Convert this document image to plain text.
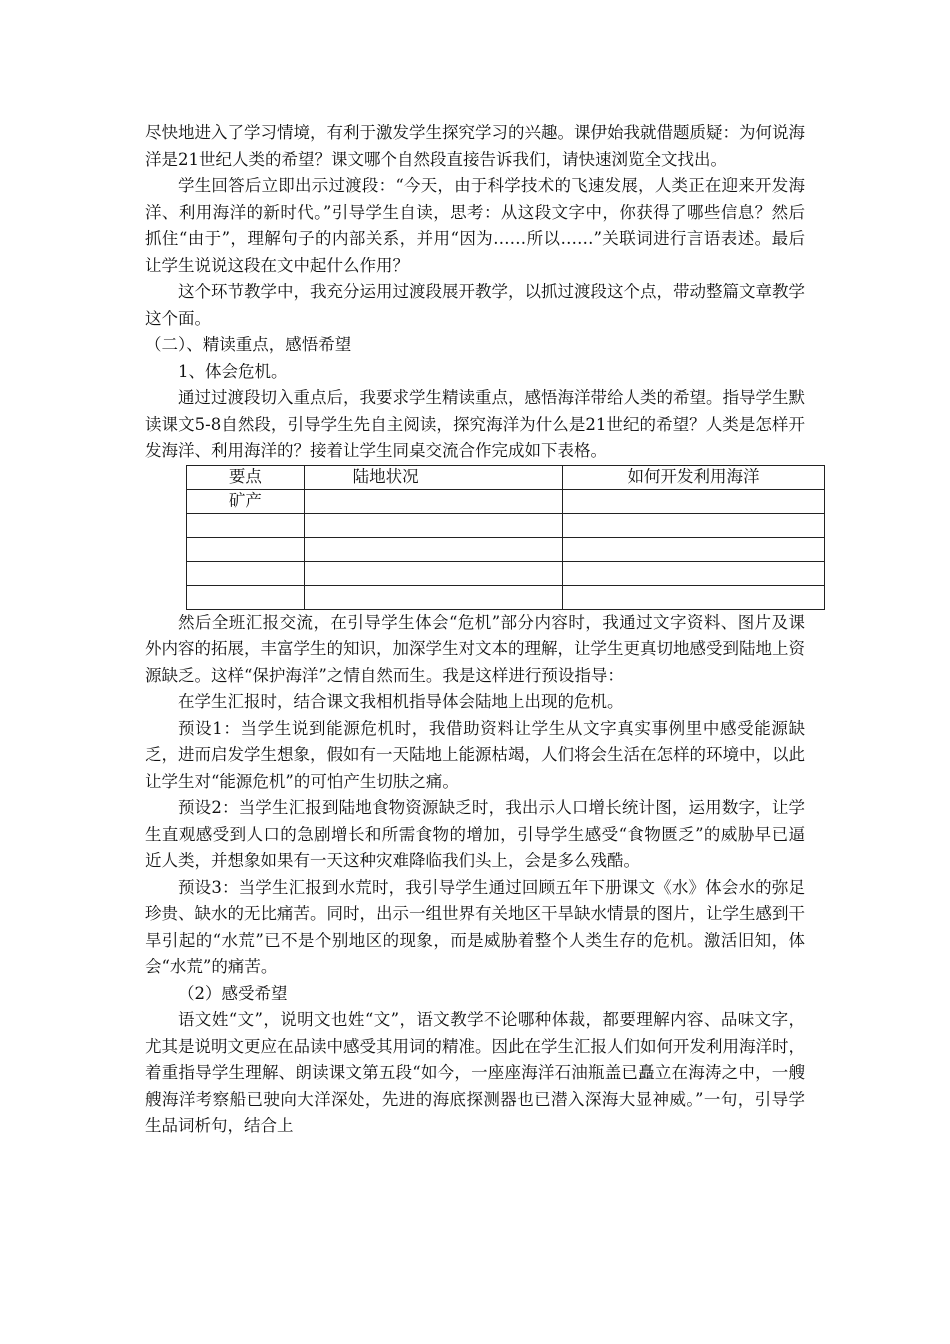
尽快地进入了学习情境，有利于激发学生探究学习的兴趣。课伊始我就借题质疑：为何说海洋是21世纪人类的希望？课文哪个自然段直接告诉我们，请快速浏览全文找出。

学生回答后立即出示过渡段：“今天，由于科学技术的飞速发展，人类正在迎来开发海洋、利用海洋的新时代。”引导学生自读，思考：从这段文字中，你获得了哪些信息？然后抓住“由于”，理解句子的内部关系，并用“因为……所以……”关联词进行言语表述。最后让学生说说这段在文中起什么作用？

这个环节教学中，我充分运用过渡段展开教学，以抓过渡段这个点，带动整篇文章教学这个面。

（二）、精读重点，感悟希望

1、体会危机。

通过过渡段切入重点后，我要求学生精读重点，感悟海洋带给人类的希望。指导学生默读课文5-8自然段，引导学生先自主阅读，探究海洋为什么是21世纪的希望？人类是怎样开发海洋、利用海洋的？接着让学生同桌交流合作完成如下表格。

要点	陆地状况	如何开发利用海洋
矿产		

然后全班汇报交流，在引导学生体会“危机”部分内容时，我通过文字资料、图片及课外内容的拓展，丰富学生的知识，加深学生对文本的理解，让学生更真切地感受到陆地上资源缺乏。这样“保护海洋”之情自然而生。我是这样进行预设指导：

在学生汇报时，结合课文我相机指导体会陆地上出现的危机。

预设1：当学生说到能源危机时，我借助资料让学生从文字真实事例里中感受能源缺乏，进而启发学生想象，假如有一天陆地上能源枯竭，人们将会生活在怎样的环境中，以此让学生对“能源危机”的可怕产生切肤之痛。

预设2：当学生汇报到陆地食物资源缺乏时，我出示人口增长统计图，运用数字，让学生直观感受到人口的急剧增长和所需食物的增加，引导学生感受“食物匮乏”的威胁早已逼近人类，并想象如果有一天这种灾难降临我们头上，会是多么残酷。

预设3：当学生汇报到水荒时，我引导学生通过回顾五年下册课文《水》体会水的弥足珍贵、缺水的无比痛苦。同时，出示一组世界有关地区干旱缺水情景的图片，让学生感到干旱引起的“水荒”已不是个别地区的现象，而是威胁着整个人类生存的危机。激活旧知，体会“水荒”的痛苦。

（2）感受希望

语文姓“文”，说明文也姓“文”，语文教学不论哪种体裁，都要理解内容、品味文字，尤其是说明文更应在品读中感受其用词的精准。因此在学生汇报人们如何开发利用海洋时，着重指导学生理解、朗读课文第五段“如今，一座座海洋石油瓶盖已矗立在海涛之中，一艘艘海洋考察船已驶向大洋深处，先进的海底探测器也已潜入深海大显神威。”一句，引导学生品词析句，结合上
